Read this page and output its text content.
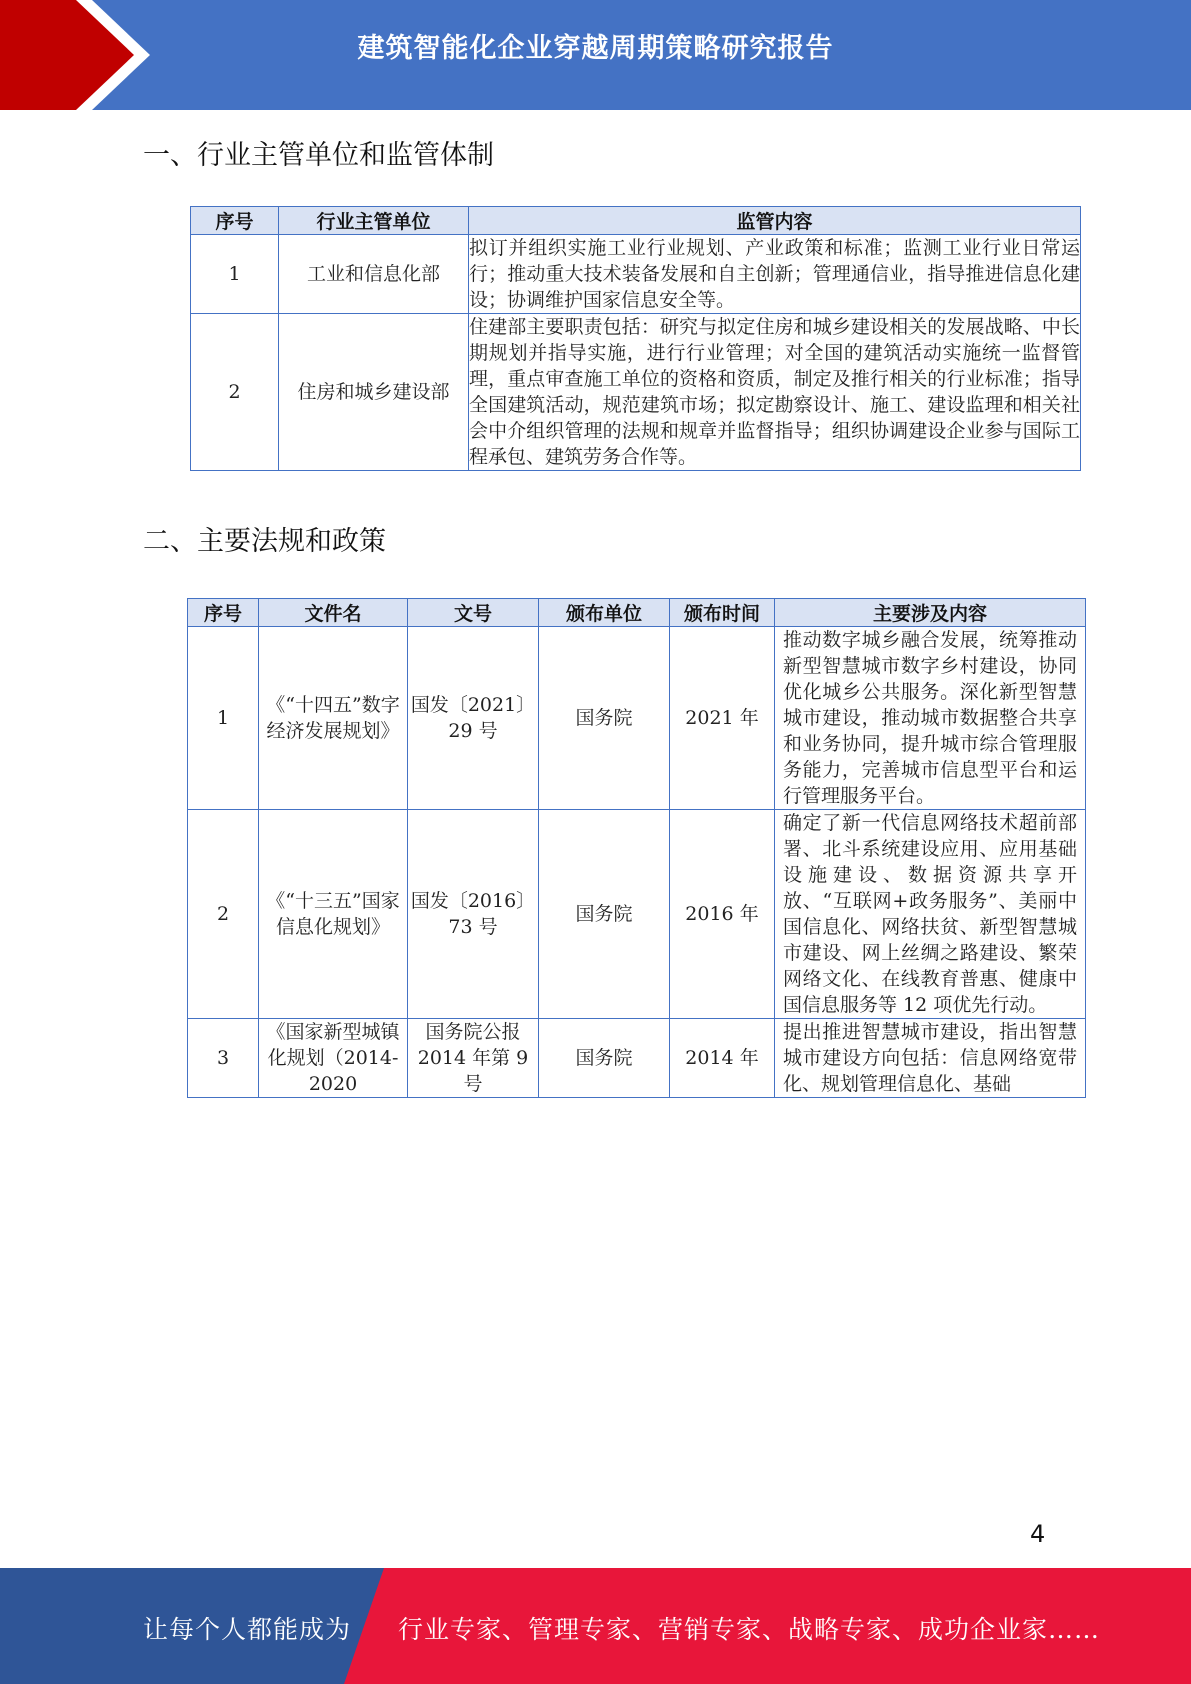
建筑智能化企业穿越周期策略研究报告
一、行业主管单位和监管体制
序号	行业主管单位	监管内容
1	工业和信息化部	拟订并组织实施工业行业规划、产业政策和标准；监测工业行业日常运行；推动重大技术装备发展和自主创新；管理通信业，指导推进信息化建设；协调维护国家信息安全等。
2	住房和城乡建设部	住建部主要职责包括：研究与拟定住房和城乡建设相关的发展战略、中长期规划并指导实施，进行行业管理；对全国的建筑活动实施统一监督管理，重点审查施工单位的资格和资质，制定及推行相关的行业标准；指导全国建筑活动，规范建筑市场；拟定勘察设计、施工、建设监理和相关社会中介组织管理的法规和规章并监督指导；组织协调建设企业参与国际工程承包、建筑劳务合作等。
二、主要法规和政策
序号	文件名	文号	颁布单位	颁布时间	主要涉及内容
1	《“十四五”数字经济发展规划》	国发〔2021〕29 号	国务院	2021 年	推动数字城乡融合发展，统筹推动新型智慧城市数字乡村建设，协同优化城乡公共服务。深化新型智慧城市建设，推动城市数据整合共享和业务协同，提升城市综合管理服务能力，完善城市信息型平台和运行管理服务平台。
2	《“十三五”国家信息化规划》	国发〔2016〕73 号	国务院	2016 年	确定了新一代信息网络技术超前部署、北斗系统建设应用、应用基础设施建设、数据资源共享开放、“互联网+政务服务”、美丽中国信息化、网络扶贫、新型智慧城市建设、网上丝绸之路建设、繁荣网络文化、在线教育普惠、健康中国信息服务等 12 项优先行动。
3	《国家新型城镇化规划（2014-2020	国务院公报 2014 年第 9 号	国务院	2014 年	提出推进智慧城市建设，指出智慧城市建设方向包括：信息网络宽带化、规划管理信息化、基础
4
让每个人都能成为 行业专家、管理专家、营销专家、战略专家、成功企业家……
